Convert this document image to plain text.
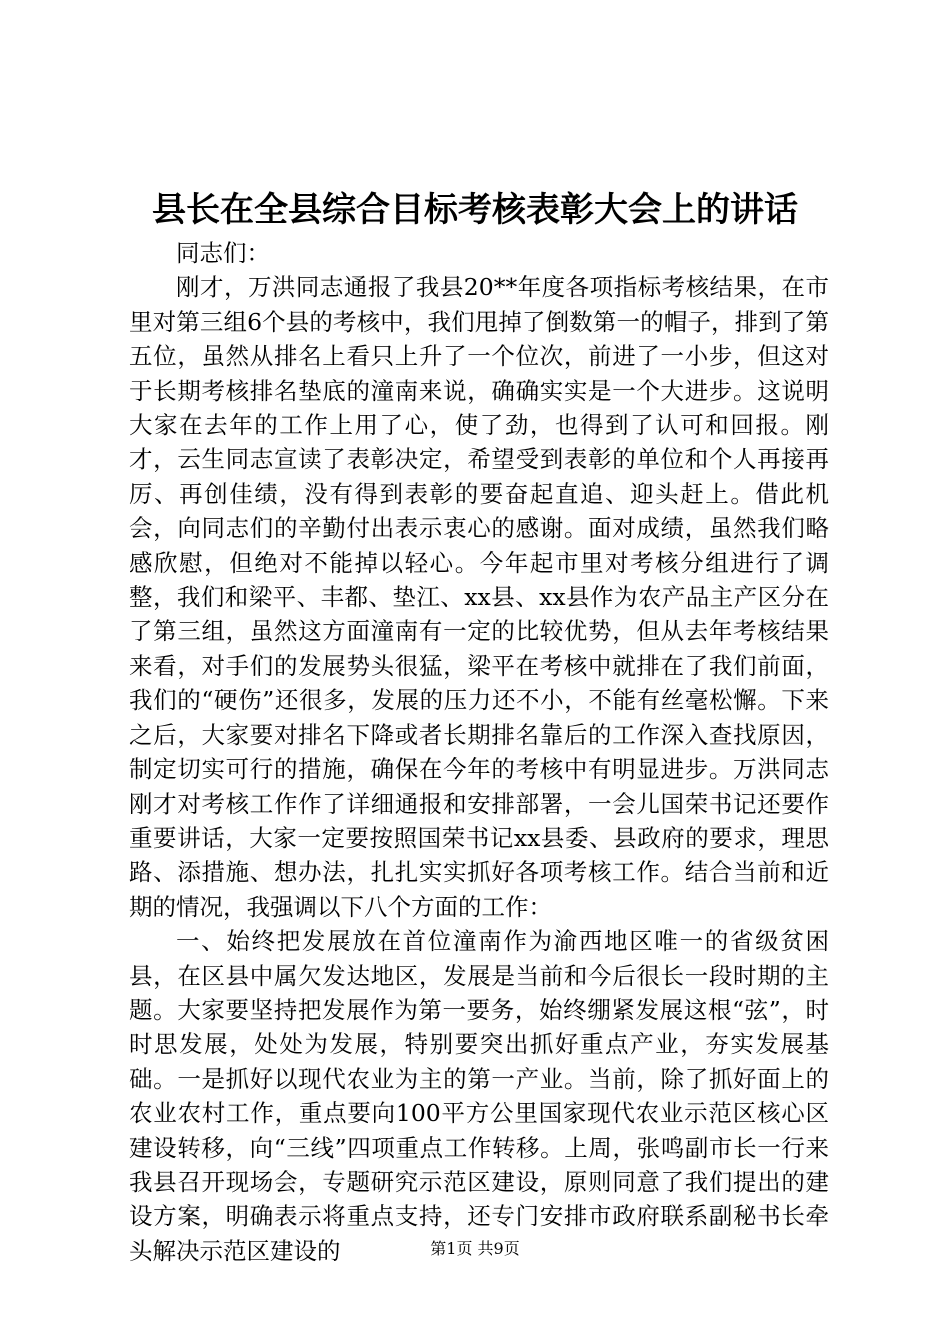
县长在全县综合目标考核表彰大会上的讲话

同志们：

刚才，万洪同志通报了我县20**年度各项指标考核结果，在市里对第三组6个县的考核中，我们甩掉了倒数第一的帽子，排到了第五位，虽然从排名上看只上升了一个位次，前进了一小步，但这对于长期考核排名垫底的潼南来说，确确实实是一个大进步。这说明大家在去年的工作上用了心，使了劲，也得到了认可和回报。刚才，云生同志宣读了表彰决定，希望受到表彰的单位和个人再接再厉、再创佳绩，没有得到表彰的要奋起直追、迎头赶上。借此机会，向同志们的辛勤付出表示衷心的感谢。面对成绩，虽然我们略感欣慰，但绝对不能掉以轻心。今年起市里对考核分组进行了调整，我们和梁平、丰都、垫江、xx县、xx县作为农产品主产区分在了第三组，虽然这方面潼南有一定的比较优势，但从去年考核结果来看，对手们的发展势头很猛，梁平在考核中就排在了我们前面，我们的“硬伤”还很多，发展的压力还不小，不能有丝毫松懈。下来之后，大家要对排名下降或者长期排名靠后的工作深入查找原因，制定切实可行的措施，确保在今年的考核中有明显进步。万洪同志刚才对考核工作作了详细通报和安排部署，一会儿国荣书记还要作重要讲话，大家一定要按照国荣书记xx县委、县政府的要求，理思路、添措施、想办法，扎扎实实抓好各项考核工作。结合当前和近期的情况，我强调以下八个方面的工作：

一、始终把发展放在首位潼南作为渝西地区唯一的省级贫困县，在区县中属欠发达地区，发展是当前和今后很长一段时期的主题。大家要坚持把发展作为第一要务，始终绷紧发展这根“弦”，时时思发展，处处为发展，特别要突出抓好重点产业，夯实发展基础。一是抓好以现代农业为主的第一产业。当前，除了抓好面上的农业农村工作，重点要向100平方公里国家现代农业示范区核心区建设转移，向“三线”四项重点工作转移。上周，张鸣副市长一行来我县召开现场会，专题研究示范区建设，原则同意了我们提出的建设方案，明确表示将重点支持，还专门安排市政府联系副秘书长牵头解决示范区建设的	第1页 共9页
